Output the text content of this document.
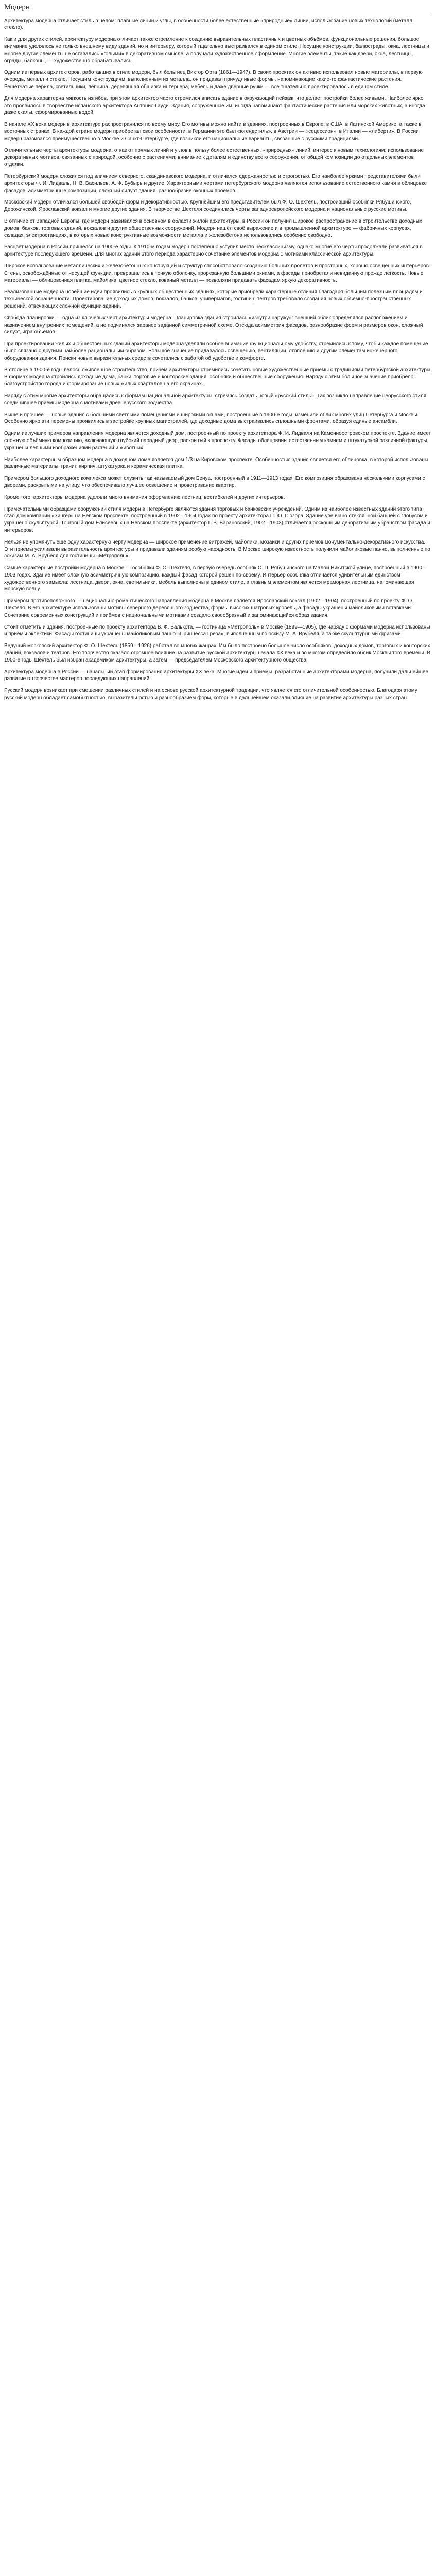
Модерн

Архитектура модерна отличает стиль в целом: плавные линии и углы, в особенности более естественные «природные» линии, использование новых технологий (металл, стекло).

Как и для других стилей, архитектуру модерна отличает также стремление к созданию выразительных пластичных и цветных объёмов, функциональные решения, большое внимание уделялось не только внешнему виду зданий, но и интерьеру, который тщательно выстраивался в едином стиле. Несущие конструкции, балюстрады, окна, лестницы и многие другие элементы не оставались «голыми» в декоративном смысле, а получали художественное оформление. Многие элементы, такие как двери, окна, лестницы, ограды, балконы, — художественно обрабатывались.

Одним из первых архитекторов, работавших в стиле модерн, был бельгиец Виктор Орта (1861—1947). В своих проектах он активно использовал новые материалы, в первую очередь, металл и стекло. Несущим конструкциям, выполненным из металла, он придавал причудливые формы, напоминающие какие-то фантастические растения. Решётчатые перила, светильники, лепнина, деревянная обшивка интерьера, мебель и даже дверные ручки — все тщательно проектировалось в едином стиле.

Для модерна характерна мягкость изгибов, при этом архитектор часто стремился вписать здание в окружающий пейзаж, что делает постройки более живыми. Наиболее ярко это проявилось в творчестве испанского архитектора Антонио Гауди. Здания, сооружённые им, иногда напоминают фантастические растения или морских животных, а иногда даже скалы, сформированные водой.

В начале XX века модерн в архитектуре распространился по всему миру. Его мотивы можно найти в зданиях, построенных в Европе, в США, в Латинской Америке, а также в восточных странах. В каждой стране модерн приобретал свои особенности: в Германии это был «югендстиль», в Австрии — «сецессион», в Италии — «либерти». В России модерн развивался преимущественно в Москве и Санкт-Петербурге, где возникли его национальные варианты, связанные с русскими традициями.

Отличительные черты архитектуры модерна: отказ от прямых линий и углов в пользу более естественных, «природных» линий; интерес к новым технологиям; использование декоративных мотивов, связанных с природой, особенно с растениями; внимание к деталям и единству всего сооружения, от общей композиции до отдельных элементов отделки.

Петербургский модерн сложился под влиянием северного, скандинавского модерна, и отличался сдержанностью и строгостью. Его наиболее яркими представителями были архитекторы Ф. И. Лидваль, Н. В. Васильев, А. Ф. Бубырь и другие. Характерными чертами петербургского модерна являются использование естественного камня в облицовке фасадов, асимметричные композиции, сложный силуэт здания, разнообразие оконных проёмов.

Московский модерн отличался большей свободой форм и декоративностью. Крупнейшим его представителем был Ф. О. Шехтель, построивший особняки Рябушинского, Дерожинской, Ярославский вокзал и многие другие здания. В творчестве Шехтеля соединились черты западноевропейского модерна и национальные русские мотивы.

В отличие от Западной Европы, где модерн развивался в основном в области жилой архитектуры, в России он получил широкое распространение в строительстве доходных домов, банков, торговых зданий, вокзалов и других общественных сооружений. Модерн нашёл своё выражение и в промышленной архитектуре — фабричных корпусах, складах, электростанциях, в которых новые конструктивные возможности металла и железобетона использовались особенно свободно.

Расцвет модерна в России пришёлся на 1900-е годы. К 1910-м годам модерн постепенно уступил место неоклассицизму, однако многие его черты продолжали развиваться в архитектуре последующего времени. Для многих зданий этого периода характерно сочетание элементов модерна с мотивами классической архитектуры.

Широкое использование металлических и железобетонных конструкций и структур способствовало созданию больших пролётов и просторных, хорошо освещённых интерьеров. Стены, освобождённые от несущей функции, превращались в тонкую оболочку, прорезанную большими окнами, а фасады приобретали невиданную прежде лёгкость. Новые материалы — облицовочная плитка, майолика, цветное стекло, кованый металл — позволяли придавать фасадам яркую декоративность.

Реализованные модерна новейшие идеи проявились в крупных общественных зданиях, которые приобрели характерные отличия благодаря большим полезным площадям и технической оснащённости. Проектирование доходных домов, вокзалов, банков, универмагов, гостиниц, театров требовало создания новых объёмно-пространственных решений, отвечающих сложной функции зданий.

Свобода планировки — одна из ключевых черт архитектуры модерна. Планировка здания строилась «изнутри наружу»: внешний облик определялся расположением и назначением внутренних помещений, а не подчинялся заранее заданной симметричной схеме. Отсюда асимметрия фасадов, разнообразие форм и размеров окон, сложный силуэт, игра объёмов.

При проектировании жилых и общественных зданий архитекторы модерна уделяли особое внимание функциональному удобству, стремились к тому, чтобы каждое помещение было связано с другими наиболее рациональным образом. Большое значение придавалось освещению, вентиляции, отоплению и другим элементам инженерного оборудования здания. Поиски новых выразительных средств сочетались с заботой об удобстве и комфорте.

В столице в 1900-е годы велось оживлённое строительство, причём архитекторы стремились сочетать новые художественные приёмы с традициями петербургской архитектуры. В формах модерна строились доходные дома, банки, торговые и конторские здания, особняки и общественные сооружения. Наряду с этим большое значение приобрело благоустройство города и формирование новых жилых кварталов на его окраинах.

Наряду с этим многие архитекторы обращались к формам национальной архитектуры, стремясь создать новый «русский стиль». Так возникло направление неорусского стиля, соединившее приёмы модерна с мотивами древнерусского зодчества.

Выше и прочнее — новые здания с большими светлыми помещениями и широкими окнами, построенные в 1900-е годы, изменили облик многих улиц Петербурга и Москвы. Особенно ярко эти перемены проявились в застройке крупных магистралей, где доходные дома выстраивались сплошными фронтами, образуя единые ансамбли.

Одним из лучших примеров направления модерна является доходный дом, построенный по проекту архитектора Ф. И. Лидваля на Каменноостровском проспекте. Здание имеет сложную объёмную композицию, включающую глубокий парадный двор, раскрытый к проспекту. Фасады облицованы естественным камнем и штукатуркой различной фактуры, украшены лепными изображениями растений и животных.

Наиболее характерным образцом модерна в доходном доме является дом 1/3 на Кировском проспекте. Особенностью здания является его облицовка, в которой использованы различные материалы: гранит, кирпич, штукатурка и керамическая плитка.

Примером большого доходного комплекса может служить так называемый дом Бенуа, построенный в 1911—1913 годах. Его композиция образована несколькими корпусами с дворами, раскрытыми на улицу, что обеспечивало лучшее освещение и проветривание квартир.

Кроме того, архитекторы модерна уделяли много внимания оформлению лестниц, вестибюлей и других интерьеров.

Примечательными образцами сооружений стиля модерн в Петербурге являются здания торговых и банковских учреждений. Одним из наиболее известных зданий этого типа стал дом компании «Зингер» на Невском проспекте, построенный в 1902—1904 годах по проекту архитектора П. Ю. Сюзора. Здание увенчано стеклянной башней с глобусом и украшено скульптурой. Торговый дом Елисеевых на Невском проспекте (архитектор Г. В. Барановский, 1902—1903) отличается роскошным декоративным убранством фасада и интерьеров.

Нельзя не упомянуть ещё одну характерную черту модерна — широкое применение витражей, майолики, мозаики и других приёмов монументально-декоративного искусства. Эти приёмы усиливали выразительность архитектуры и придавали зданиям особую нарядность. В Москве широкую известность получили майоликовые панно, выполненные по эскизам М. А. Врубеля для гостиницы «Метрополь».

Самые характерные постройки модерна в Москве — особняки Ф. О. Шехтеля, в первую очередь особняк С. П. Рябушинского на Малой Никитской улице, построенный в 1900—1903 годах. Здание имеет сложную асимметричную композицию, каждый фасад которой решён по-своему. Интерьер особняка отличается удивительным единством художественного замысла: лестница, двери, окна, светильники, мебель выполнены в едином стиле, а главным элементом является мраморная лестница, напоминающая морскую волну.

Примером противоположного — национально-романтического направления модерна в Москве является Ярославский вокзал (1902—1904), построенный по проекту Ф. О. Шехтеля. В его архитектуре использованы мотивы северного деревянного зодчества, формы высоких шатровых кровель, а фасады украшены майоликовыми вставками. Сочетание современных конструкций и приёмов с национальными мотивами создало своеобразный и запоминающийся образ здания.

Стоит отметить и здания, построенные по проекту архитектора В. Ф. Валькота, — гостиница «Метрополь» в Москве (1899—1905), где наряду с формами модерна использованы и приёмы эклектики. Фасады гостиницы украшены майоликовым панно «Принцесса Грёза», выполненным по эскизу М. А. Врубеля, а также скульптурными фризами.

Ведущий московский архитектор Ф. О. Шехтель (1859—1926) работал во многих жанрах. Им было построено большое число особняков, доходных домов, торговых и конторских зданий, вокзалов и театров. Его творчество оказало огромное влияние на развитие русской архитектуры начала XX века и во многом определило облик Москвы того времени. В 1900-е годы Шехтель был избран академиком архитектуры, а затем — председателем Московского архитектурного общества.

Архитектура модерна в России — начальный этап формирования архитектуры XX века. Многие идеи и приёмы, разработанные архитекторами модерна, получили дальнейшее развитие в творчестве мастеров последующих направлений.

Русский модерн возникает при смешении различных стилей и на основе русской архитектурной традиции, что является его отличительной особенностью. Благодаря этому русский модерн обладает самобытностью, выразительностью и разнообразием форм, которые в дальнейшем оказали влияние на развитие архитектуры разных стран.
